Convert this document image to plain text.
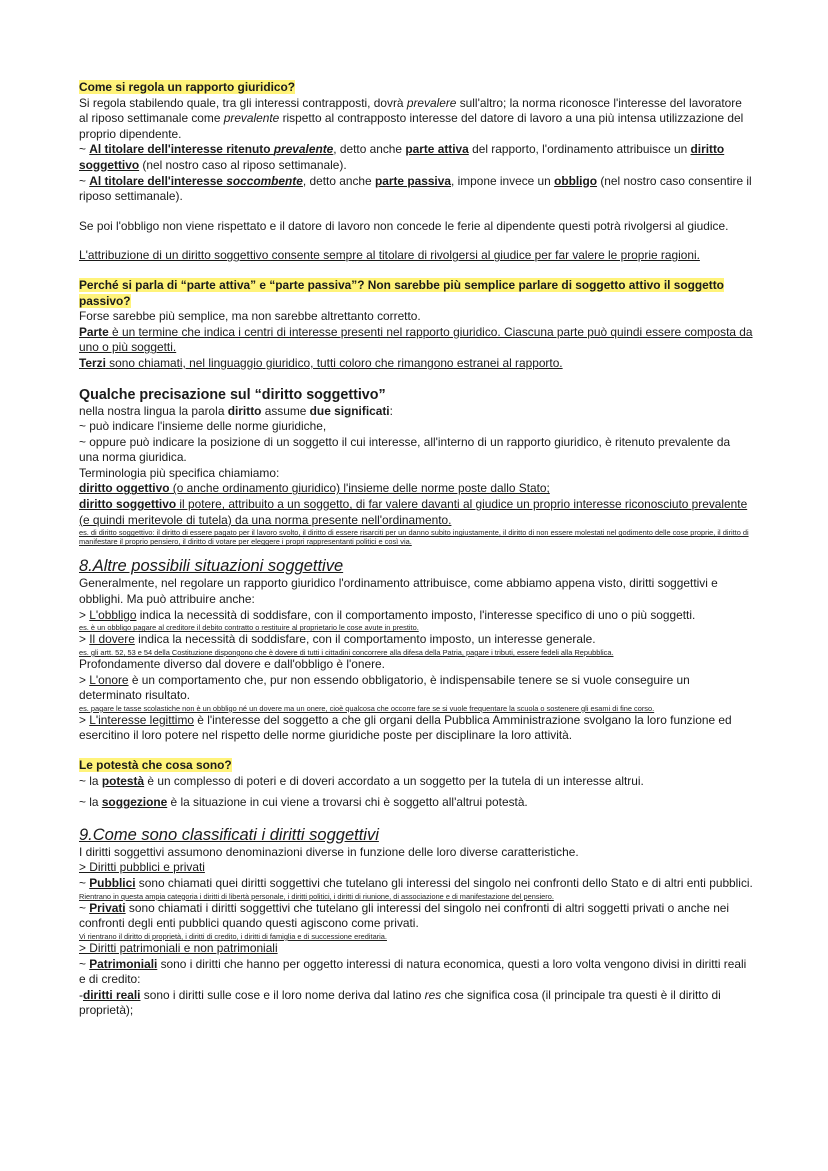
Come si regola un rapporto giuridico?

Si regola stabilendo quale, tra gli interessi contrapposti, dovrà prevalere sull'altro; la norma riconosce l'interesse del lavoratore al riposo settimanale come prevalente rispetto al contrapposto interesse del datore di lavoro a una più intensa utilizzazione del proprio dipendente.

~ Al titolare dell'interesse ritenuto prevalente, detto anche parte attiva del rapporto, l'ordinamento attribuisce un diritto soggettivo (nel nostro caso al riposo settimanale).

~ Al titolare dell'interesse soccombente, detto anche parte passiva, impone invece un obbligo (nel nostro caso consentire il riposo settimanale).

Se poi l'obbligo non viene rispettato e il datore di lavoro non concede le ferie al dipendente questi potrà rivolgersi al giudice.

L'attribuzione di un diritto soggettivo consente sempre al titolare di rivolgersi al giudice per far valere le proprie ragioni.

Perché si parla di “parte attiva” e “parte passiva”? Non sarebbe più semplice parlare di soggetto attivo il soggetto passivo?

Forse sarebbe più semplice, ma non sarebbe altrettanto corretto.

Parte è un termine che indica i centri di interesse presenti nel rapporto giuridico. Ciascuna parte può quindi essere composta da uno o più soggetti.

Terzi sono chiamati, nel linguaggio giuridico, tutti coloro che rimangono estranei al rapporto.

Qualche precisazione sul “diritto soggettivo”

nella nostra lingua la parola diritto assume due significati:

~ può indicare l'insieme delle norme giuridiche,

~ oppure può indicare la posizione di un soggetto il cui interesse, all'interno di un rapporto giuridico, è ritenuto prevalente da una norma giuridica.

Terminologia più specifica chiamiamo:

diritto oggettivo (o anche ordinamento giuridico) l'insieme delle norme poste dallo Stato;

diritto soggettivo il potere, attribuito a un soggetto, di far valere davanti al giudice un proprio interesse riconosciuto prevalente (e quindi meritevole di tutela) da una norma presente nell'ordinamento.

es. di diritto soggettivo: il diritto di essere pagato per il lavoro svolto, il diritto di essere risarciti per un danno subito ingiustamente, il diritto di non essere molestati nel godimento delle cose proprie, il diritto di manifestare il proprio pensiero, il diritto di votare per eleggere i propri rappresentanti politici e così via.

8.Altre possibili situazioni soggettive

Generalmente, nel regolare un rapporto giuridico l'ordinamento attribuisce, come abbiamo appena visto, diritti soggettivi e obblighi. Ma può attribuire anche:

> L'obbligo indica la necessità di soddisfare, con il comportamento imposto, l'interesse specifico di uno o più soggetti.

es. è un obbligo pagare al creditore il debito contratto o restituire al proprietario le cose avute in prestito.

> Il dovere indica la necessità di soddisfare, con il comportamento imposto, un interesse generale.

es. gli artt. 52, 53 e 54 della Costituzione dispongono che è dovere di tutti i cittadini concorrere alla difesa della Patria, pagare i tributi, essere fedeli alla Repubblica.

Profondamente diverso dal dovere e dall'obbligo è l'onere.

> L'onore è un comportamento che, pur non essendo obbligatorio, è indispensabile tenere se si vuole conseguire un determinato risultato.

es. pagare le tasse scolastiche non è un obbligo né un dovere ma un onere, cioè qualcosa che occorre fare se si vuole frequentare la scuola o sostenere gli esami di fine corso.

> L'interesse legittimo è l'interesse del soggetto a che gli organi della Pubblica Amministrazione svolgano la loro funzione ed esercitino il loro potere nel rispetto delle norme giuridiche poste per disciplinare la loro attività.

Le potestà che cosa sono?

~ la potestà è un complesso di poteri e di doveri accordato a un soggetto per la tutela di un interesse altrui.

~ la soggezione è la situazione in cui viene a trovarsi chi è soggetto all'altrui potestà.

9.Come sono classificati i diritti soggettivi

I diritti soggettivi assumono denominazioni diverse in funzione delle loro diverse caratteristiche.

> Diritti pubblici e privati

~ Pubblici sono chiamati quei diritti soggettivi che tutelano gli interessi del singolo nei confronti dello Stato e di altri enti pubblici.

Rientrano in questa ampia categoria i diritti di libertà personale, i diritti politici, i diritti di riunione, di associazione e di manifestazione del pensiero.

~ Privati sono chiamati i diritti soggettivi che tutelano gli interessi del singolo nei confronti di altri soggetti privati o anche nei confronti degli enti pubblici quando questi agiscono come privati.

Vi rientrano il diritto di proprietà, i diritti di credito, i diritti di famiglia e di successione ereditaria.

> Diritti patrimoniali e non patrimoniali

~ Patrimoniali sono i diritti che hanno per oggetto interessi di natura economica, questi a loro volta vengono divisi in diritti reali e di credito:

-diritti reali sono i diritti sulle cose e il loro nome deriva dal latino res che significa cosa (il principale tra questi è il diritto di proprietà);
